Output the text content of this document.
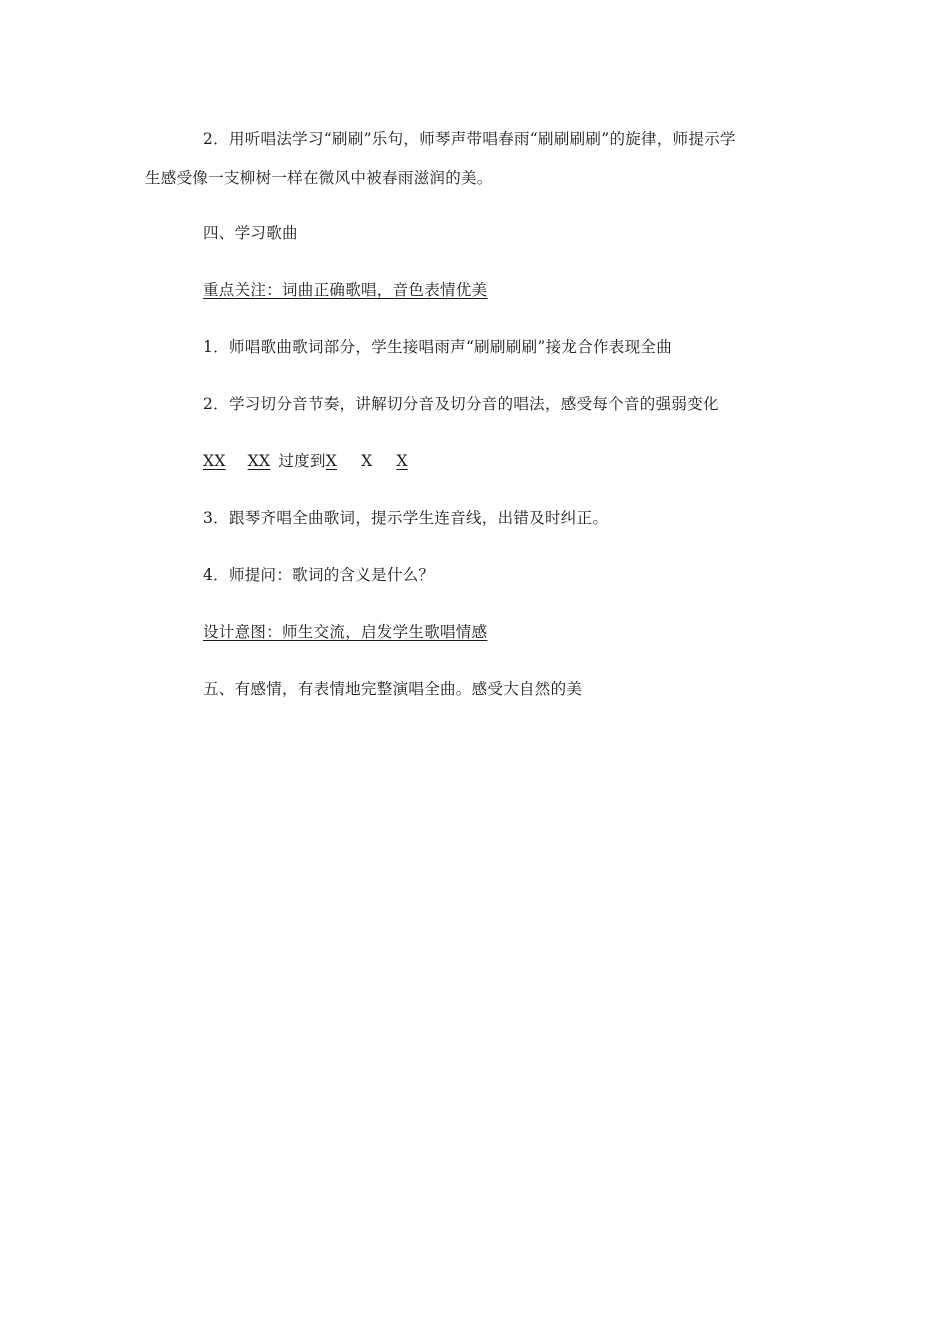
2．用听唱法学习“刷刷”乐句，师琴声带唱春雨“刷刷刷刷”的旋律，师提示学
生感受像一支柳树一样在微风中被春雨滋润的美。
四、学习歌曲
重点关注：词曲正确歌唱，音色表情优美
1．师唱歌曲歌词部分，学生接唱雨声“刷刷刷刷”接龙合作表现全曲
2．学习切分音节奏，讲解切分音及切分音的唱法，感受每个音的强弱变化
XX XX 过度到X X X
3．跟琴齐唱全曲歌词，提示学生连音线，出错及时纠正。
4．师提问：歌词的含义是什么？
设计意图：师生交流，启发学生歌唱情感
五、有感情，有表情地完整演唱全曲。感受大自然的美
